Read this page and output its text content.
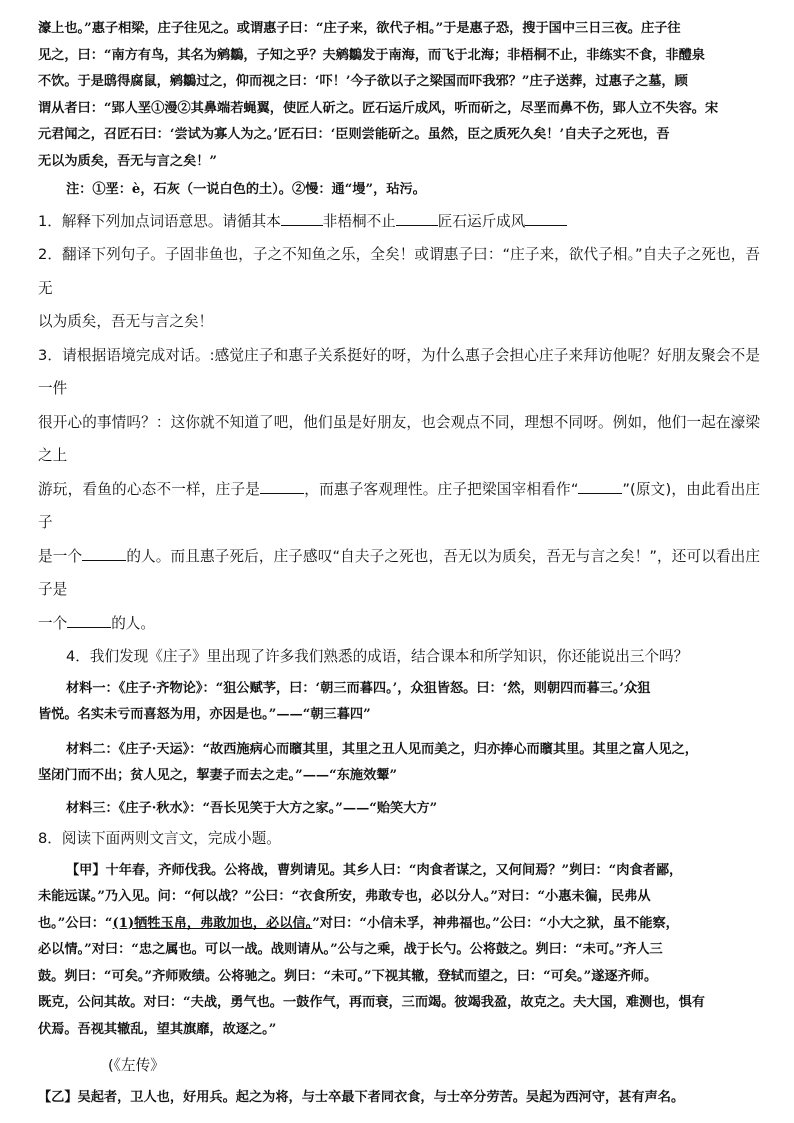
濠上也。”惠子相梁，庄子往见之。或谓惠子曰：“庄子来，欲代子相。”于是惠子恐，搜于国中三日三夜。庄子往

见之，曰：“南方有鸟，其名为鹓鶵，子知之乎？夫鹓鶵发于南海，而飞于北海；非梧桐不止，非练实不食，非醴泉

不饮。于是鸱得腐鼠，鹓鶵过之，仰而视之曰：‘吓！’今子欲以子之梁国而吓我邪？”庄子送葬，过惠子之墓，顾

谓从者曰：“郢人垩①漫②其鼻端若蝇翼，使匠人斫之。匠石运斤成风，听而斫之，尽垩而鼻不伤，郢人立不失容。宋

元君闻之，召匠石曰：‘尝试为寡人为之。’匠石曰：‘臣则尝能斫之。虽然，臣之质死久矣！’自夫子之死也，吾

无以为质矣，吾无与言之矣！”

注：①垩：è，石灰（一说白色的土）。②慢：通“墁”，玷污。

1．解释下列加点词语意思。请循其本	非梧桐不止	匠石运斤成风

2．翻译下列句子。子固非鱼也，子之不知鱼之乐，全矣！或谓惠子曰：“庄子来，欲代子相。”自夫子之死也，吾无

以为质矣，吾无与言之矣！

3．请根据语境完成对话。:感觉庄子和惠子关系挺好的呀，为什么惠子会担心庄子来拜访他呢？好朋友聚会不是一件

很开心的事情吗？：这你就不知道了吧，他们虽是好朋友，也会观点不同，理想不同呀。例如，他们一起在濠梁之上

游玩，看鱼的心态不一样，庄子是	，而惠子客观理性。庄子把梁国宰相看作“	”(原文)，由此看出庄子

是一个	的人。而且惠子死后，庄子感叹“自夫子之死也，吾无以为质矣，吾无与言之矣！”，还可以看出庄子是

一个	的人。

4．我们发现《庄子》里出现了许多我们熟悉的成语，结合课本和所学知识，你还能说出三个吗？

材料一：《庄子·齐物论》：“狙公赋芧，曰：‘朝三而暮四。’，众狙皆怒。曰：‘然，则朝四而暮三。’众狙

皆悦。名实未亏而喜怒为用，亦因是也。”——“朝三暮四”

材料二：《庄子·天运》：“故西施病心而矉其里，其里之丑人见而美之，归亦捧心而矉其里。其里之富人见之，

坚闭门而不出；贫人见之，挈妻子而去之走。”——“东施效颦”

材料三：《庄子·秋水》：“吾长见笑于大方之家。”——“贻笑大方”

8．阅读下面两则文言文，完成小题。

【甲】十年春，齐师伐我。公将战，曹刿请见。其乡人曰：“肉食者谋之，又何间焉？”刿曰：“肉食者鄙，

未能远谋。”乃入见。问：“何以战？”公曰：“衣食所安，弗敢专也，必以分人。”对曰：“小惠未徧，民弗从

也。”公曰：“(1)牺牲玉帛，弗敢加也，必以信。”对曰：“小信未孚，神弗福也。”公曰：“小大之狱，虽不能察，

必以情。”对曰：“忠之属也。可以一战。战则请从。”公与之乘，战于长勺。公将鼓之。刿曰：“未可。”齐人三

鼓。刿曰：“可矣。”齐师败绩。公将驰之。刿曰：“未可。”下视其辙，登轼而望之，曰：“可矣。”遂逐齐师。

既克，公问其故。对曰：“夫战，勇气也。一鼓作气，再而衰，三而竭。彼竭我盈，故克之。夫大国，难测也，惧有

伏焉。吾视其辙乱，望其旗靡，故逐之。”

(《左传》

【乙】吴起者，卫人也，好用兵。起之为将，与士卒最下者同衣食，与士卒分劳苦。吴起为西河守，甚有声名。
